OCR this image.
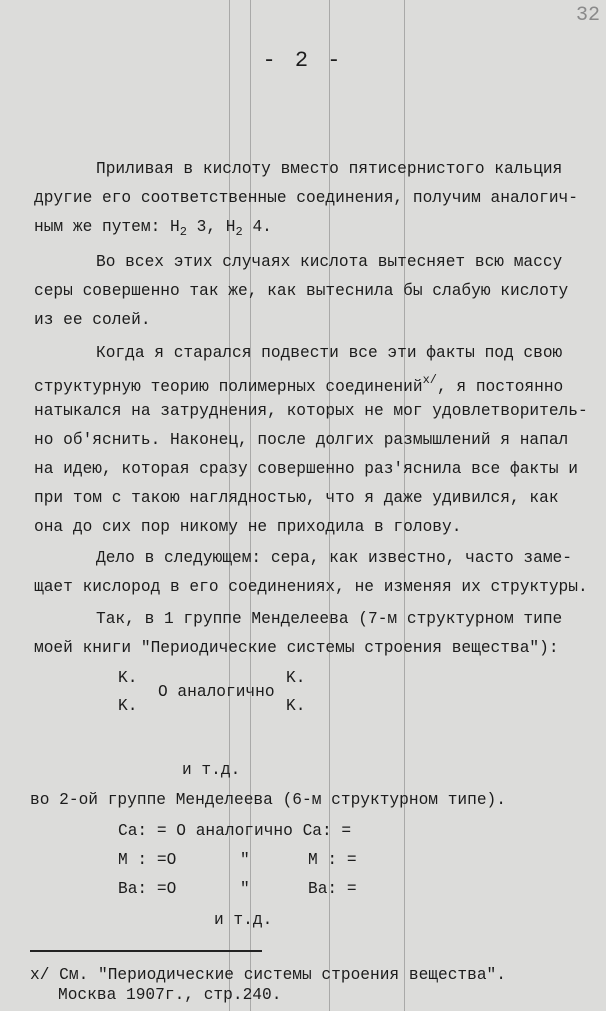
32
- 2 -
Приливая в кислоту вместо пятисернистого кальция
другие его соответственные соединения, получим аналогич-
ным же путем: $H_2$ 3, $H_2$ 4.
Во всех этих случаях кислота вытесняет всю массу
серы совершенно так же, как вытеснила бы слабую кислоту
из ее солей.
Когда я старался подвести все эти факты под свою
структурную теорию полимерных соединений$^{x/}$, я постоянно
натыкался на затруднения, которых не мог удовлетворитель-
но об'яснить. Наконец, после долгих размышлений я напал
на идею, которая сразу совершенно раз'яснила все факты и
при том с такою наглядностью, что я даже удивился, как
она до сих пор никому не приходила в голову.
Дело в следующем: сера, как известно, часто заме-
щает кислород в его соединениях, не изменяя их структуры.
Так, в 1 группе Менделеева (7-м структурном типе
моей книги "Периодические системы строения вещества"):
K.
K.
O аналогично
K.
K.
и т.д.
во 2-ой группе Менделеева (6-м структурном типе).
Ca: = O аналогично Ca: =
M : =O	"	M : =
Ba: =O	"	Ba: =
и т.д.
x/ См. "Периодические системы строения вещества".
Москва 1907г., стр.240.
